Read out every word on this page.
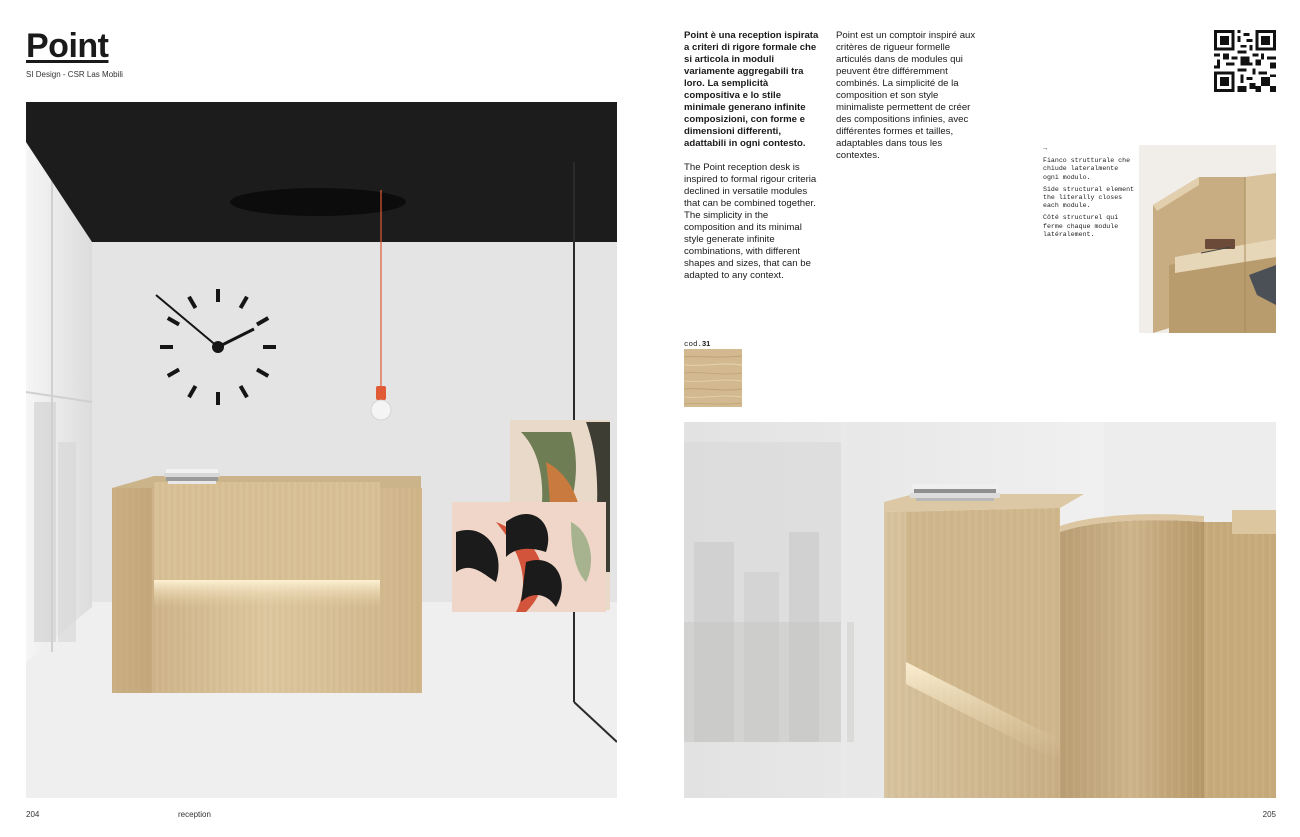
Point
SI Design - CSR Las Mobili

Point è una reception ispirata a criteri di rigore formale che si articola in moduli variamente aggregabili tra loro. La semplicità compositiva e lo stile minimale generano infinite composizioni, con forme e dimensioni differenti, adattabili in ogni contesto.

The Point reception desk is inspired to formal rigour criteria declined in versatile modules that can be combined together. The simplicity in the composition and its minimal style generate infinite combinations, with different shapes and sizes, that can be adapted to any context.

Point est un comptoir inspiré aux critères de rigueur formelle articulés dans de modules qui peuvent être différemment combinés. La simplicité de la composition et son style minimaliste permettent de créer des compositions infinies, avec différentes formes et tailles, adaptables dans tous les contextes.

→

Fianco strutturale che chiude lateralmente ogni modulo.

Side structural element the literally closes each module.

Côté structurel qui ferme chaque module latéralement.

cod.31
204	reception	205
